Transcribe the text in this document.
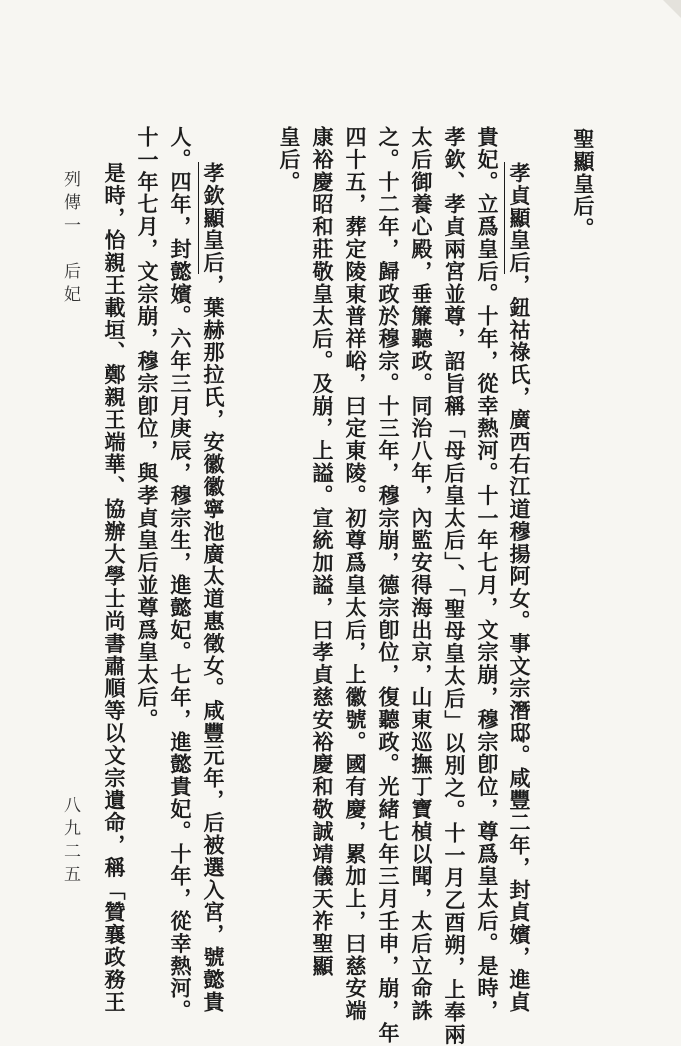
聖顯皇后。
孝貞顯皇后，鈕祜祿氏，廣西右江道穆揚阿女。事文宗潛邸。咸豐二年，封貞嬪，進貞
貴妃。立爲皇后。十年，從幸熱河。十一年七月，文宗崩，穆宗卽位，尊爲皇太后。是時，
孝欽、孝貞兩宮並尊，詔旨稱「母后皇太后」、「聖母皇太后」以別之。十一月乙酉朔，上奉兩
太后御養心殿，垂簾聽政。同治八年，內監安得海出京，山東巡撫丁寶楨以聞，太后立命誅
之。十二年，歸政於穆宗。十三年，穆宗崩，德宗卽位，復聽政。光緒七年三月壬申，崩，年
四十五，葬定陵東普祥峪，曰定東陵。初尊爲皇太后，上徽號。國有慶，累加上，曰慈安端
康裕慶昭和莊敬皇太后。及崩，上謚。宣統加謚，曰孝貞慈安裕慶和敬誠靖儀天祚聖顯
皇后。
孝欽顯皇后，葉赫那拉氏，安徽徽寧池廣太道惠徵女。咸豐元年，后被選入宮，號懿貴
人。四年，封懿嬪。六年三月庚辰，穆宗生，進懿妃。七年，進懿貴妃。十年，從幸熱河。
十一年七月，文宗崩，穆宗卽位，與孝貞皇后並尊爲皇太后。
是時，怡親王載垣、鄭親王端華、協辦大學士尚書肅順等以文宗遺命，稱「贊襄政務王
列傳一　后妃
八九二五
